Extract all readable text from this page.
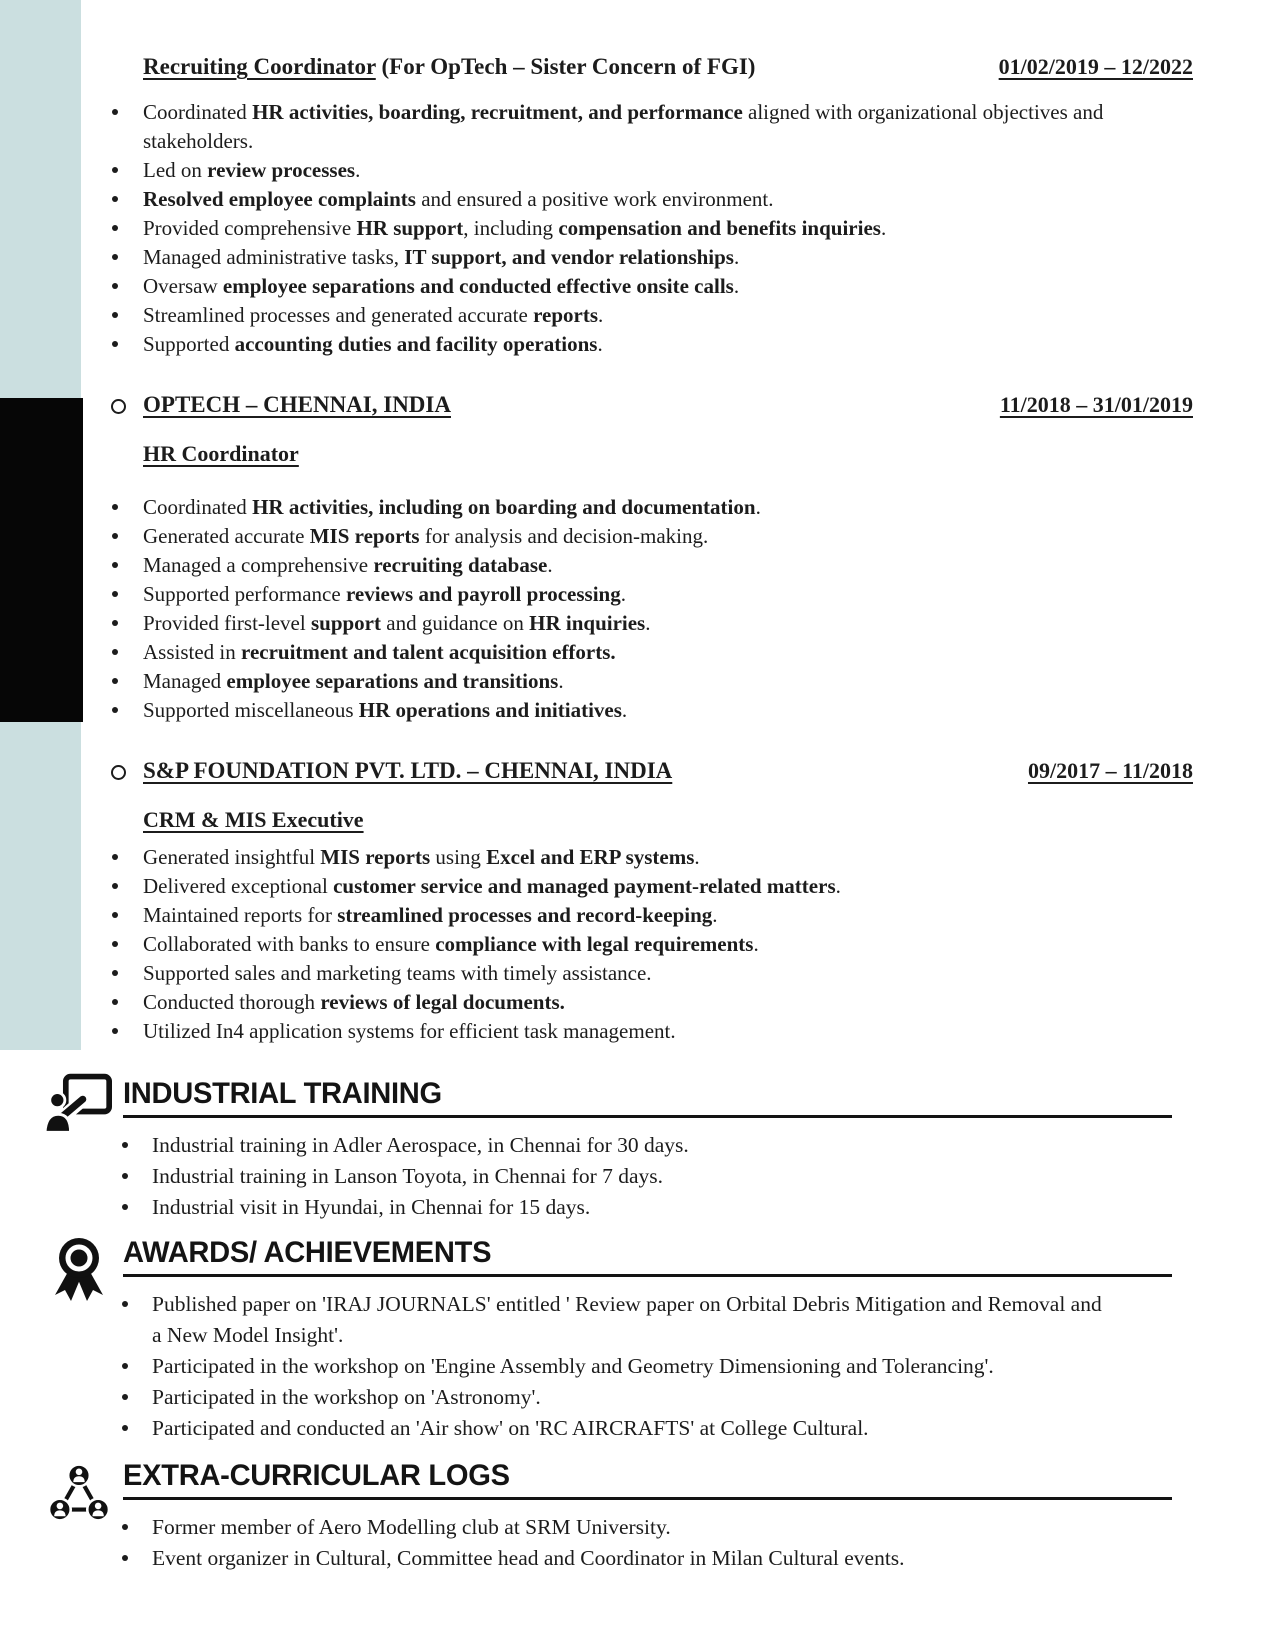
Recruiting Coordinator (For OpTech – Sister Concern of FGI)	01/02/2019 – 12/2022
Coordinated HR activities, boarding, recruitment, and performance aligned with organizational objectives and stakeholders.
Led on review processes.
Resolved employee complaints and ensured a positive work environment.
Provided comprehensive HR support, including compensation and benefits inquiries.
Managed administrative tasks, IT support, and vendor relationships.
Oversaw employee separations and conducted effective onsite calls.
Streamlined processes and generated accurate reports.
Supported accounting duties and facility operations.
OPTECH – CHENNAI, INDIA	11/2018 – 31/01/2019
HR Coordinator
Coordinated HR activities, including on boarding and documentation.
Generated accurate MIS reports for analysis and decision-making.
Managed a comprehensive recruiting database.
Supported performance reviews and payroll processing.
Provided first-level support and guidance on HR inquiries.
Assisted in recruitment and talent acquisition efforts.
Managed employee separations and transitions.
Supported miscellaneous HR operations and initiatives.
S&P FOUNDATION PVT. LTD. – CHENNAI, INDIA	09/2017 – 11/2018
CRM & MIS Executive
Generated insightful MIS reports using Excel and ERP systems.
Delivered exceptional customer service and managed payment-related matters.
Maintained reports for streamlined processes and record-keeping.
Collaborated with banks to ensure compliance with legal requirements.
Supported sales and marketing teams with timely assistance.
Conducted thorough reviews of legal documents.
Utilized In4 application systems for efficient task management.
INDUSTRIAL TRAINING
Industrial training in Adler Aerospace, in Chennai for 30 days.
Industrial training in Lanson Toyota, in Chennai for 7 days.
Industrial visit in Hyundai, in Chennai for 15 days.
AWARDS/ ACHIEVEMENTS
Published paper on 'IRAJ JOURNALS' entitled ' Review paper on Orbital Debris Mitigation and Removal and a New Model Insight'.
Participated in the workshop on 'Engine Assembly and Geometry Dimensioning and Tolerancing'.
Participated in the workshop on 'Astronomy'.
Participated and conducted an 'Air show' on 'RC AIRCRAFTS' at College Cultural.
EXTRA-CURRICULAR LOGS
Former member of Aero Modelling club at SRM University.
Event organizer in Cultural, Committee head and Coordinator in Milan Cultural events.
